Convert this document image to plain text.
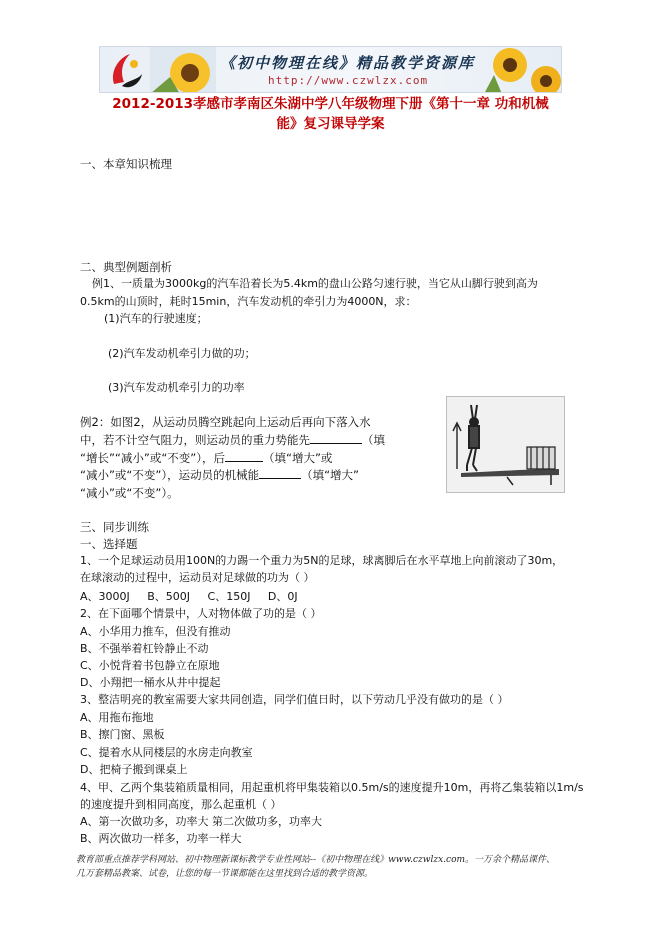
《初中物理在线》精品教学资源库
http://www.czwlzx.com
2012-2013孝感市孝南区朱湖中学八年级物理下册《第十一章 功和机械
能》复习课导学案
一、本章知识梳理
二、典型例题剖析
例1、一质量为3000kg的汽车沿着长为5.4km的盘山公路匀速行驶，当它从山脚行驶到高为
0.5km的山顶时，耗时15min，汽车发动机的牵引力为4000N，求：
(1)汽车的行驶速度；
(2)汽车发动机牵引力做的功；
(3)汽车发动机牵引力的功率
例2：如图2，从运动员腾空跳起向上运动后再向下落入水
中，若不计空气阻力，则运动员的重力势能先	（填
“增长”“减小”或“不变”），后	（填“增大”或
“减小”或“不变”），运动员的机械能	（填“增大”
“减小”或“不变”）。
三、同步训练
一、选择题
1、一个足球运动员用100N的力踢一个重力为5N的足球，球离脚后在水平草地上向前滚动了30m，
在球滚动的过程中，运动员对足球做的功为（ ）
A、3000J     B、500J     C、150J     D、0J
2、在下面哪个情景中，人对物体做了功的是（ ）
A、小华用力推车，但没有推动
B、不强举着杠铃静止不动
C、小悦背着书包静立在原地
D、小翔把一桶水从井中提起
3、整洁明亮的教室需要大家共同创造，同学们值日时，以下劳动几乎没有做功的是（ ）
A、用拖布拖地
B、擦门窗、黑板
C、提着水从同楼层的水房走向教室
D、把椅子搬到课桌上
4、甲、乙两个集装箱质量相同，用起重机将甲集装箱以0.5m/s的速度提升10m，再将乙集装箱以1m/s
的速度提升到相同高度，那么起重机（ ）
A、第一次做功多，功率大 第二次做功多，功率大
B、两次做功一样多，功率一样大
教育部重点推荐学科网站、初中物理新课标教学专业性网站--《初中物理在线》www.czwlzx.com。一万余个精品课件、
几万套精品教案、试卷，让您的每一节课都能在这里找到合适的教学资源。
